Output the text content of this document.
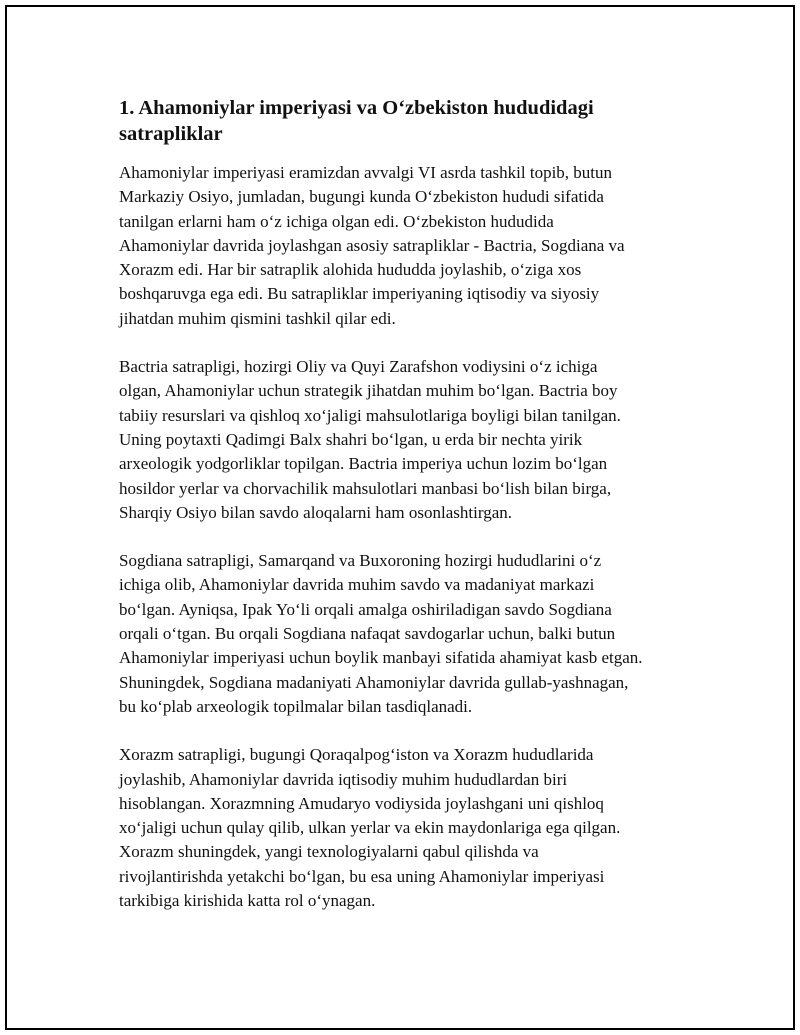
1. Ahamoniylar imperiyasi va O‘zbekiston hududidagi
satrapliklar

Ahamoniylar imperiyasi eramizdan avvalgi VI asrda tashkil topib, butun
Markaziy Osiyo, jumladan, bugungi kunda O‘zbekiston hududi sifatida
tanilgan erlarni ham o‘z ichiga olgan edi. O‘zbekiston hududida
Ahamoniylar davrida joylashgan asosiy satrapliklar - Bactria, Sogdiana va
Xorazm edi. Har bir satraplik alohida hududda joylashib, o‘ziga xos
boshqaruvga ega edi. Bu satrapliklar imperiyaning iqtisodiy va siyosiy
jihatdan muhim qismini tashkil qilar edi.

Bactria satrapligi, hozirgi Oliy va Quyi Zarafshon vodiysini o‘z ichiga
olgan, Ahamoniylar uchun strategik jihatdan muhim bo‘lgan. Bactria boy
tabiiy resurslari va qishloq xo‘jaligi mahsulotlariga boyligi bilan tanilgan.
Uning poytaxti Qadimgi Balx shahri bo‘lgan, u erda bir nechta yirik
arxeologik yodgorliklar topilgan. Bactria imperiya uchun lozim bo‘lgan
hosildor yerlar va chorvachilik mahsulotlari manbasi bo‘lish bilan birga,
Sharqiy Osiyo bilan savdo aloqalarni ham osonlashtirgan.

Sogdiana satrapligi, Samarqand va Buxoroning hozirgi hududlarini o‘z
ichiga olib, Ahamoniylar davrida muhim savdo va madaniyat markazi
bo‘lgan. Ayniqsa, Ipak Yo‘li orqali amalga oshiriladigan savdo Sogdiana
orqali o‘tgan. Bu orqali Sogdiana nafaqat savdogarlar uchun, balki butun
Ahamoniylar imperiyasi uchun boylik manbayi sifatida ahamiyat kasb etgan.
Shuningdek, Sogdiana madaniyati Ahamoniylar davrida gullab-yashnagan,
bu ko‘plab arxeologik topilmalar bilan tasdiqlanadi.

Xorazm satrapligi, bugungi Qoraqalpog‘iston va Xorazm hududlarida
joylashib, Ahamoniylar davrida iqtisodiy muhim hududlardan biri
hisoblangan. Xorazmning Amudaryo vodiysida joylashgani uni qishloq
xo‘jaligi uchun qulay qilib, ulkan yerlar va ekin maydonlariga ega qilgan.
Xorazm shuningdek, yangi texnologiyalarni qabul qilishda va
rivojlantirishda yetakchi bo‘lgan, bu esa uning Ahamoniylar imperiyasi
tarkibiga kirishida katta rol o‘ynagan.
